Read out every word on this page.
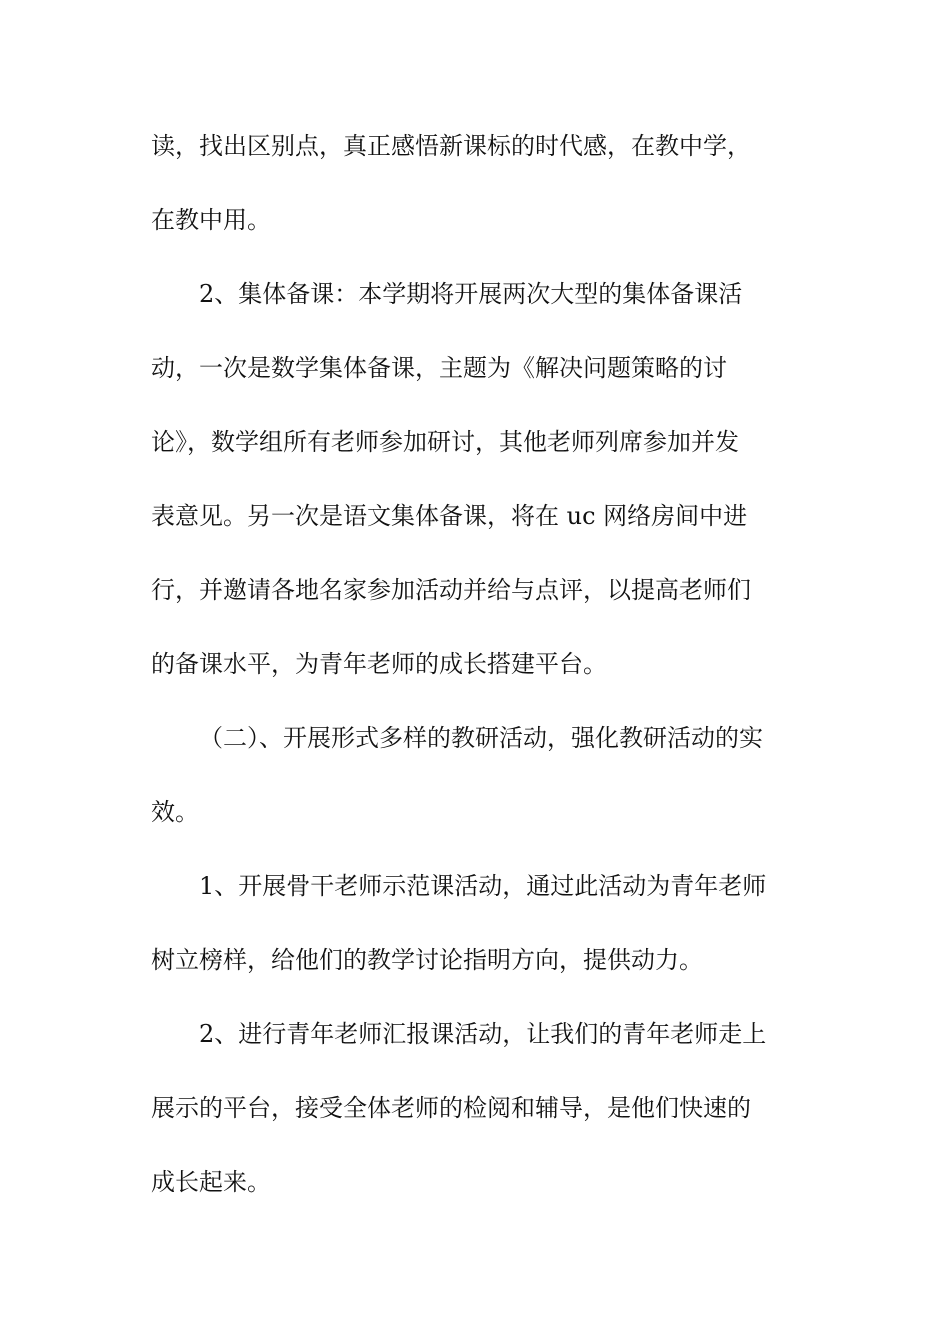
读，找出区别点，真正感悟新课标的时代感，在教中学，
在教中用。
2、集体备课：本学期将开展两次大型的集体备课活
动，一次是数学集体备课，主题为《解决问题策略的讨
论》，数学组所有老师参加研讨，其他老师列席参加并发
表意见。另一次是语文集体备课，将在 uc 网络房间中进
行，并邀请各地名家参加活动并给与点评，以提高老师们
的备课水平，为青年老师的成长搭建平台。
（二）、开展形式多样的教研活动，强化教研活动的实
效。
1、开展骨干老师示范课活动，通过此活动为青年老师
树立榜样，给他们的教学讨论指明方向，提供动力。
2、进行青年老师汇报课活动，让我们的青年老师走上
展示的平台，接受全体老师的检阅和辅导，是他们快速的
成长起来。
